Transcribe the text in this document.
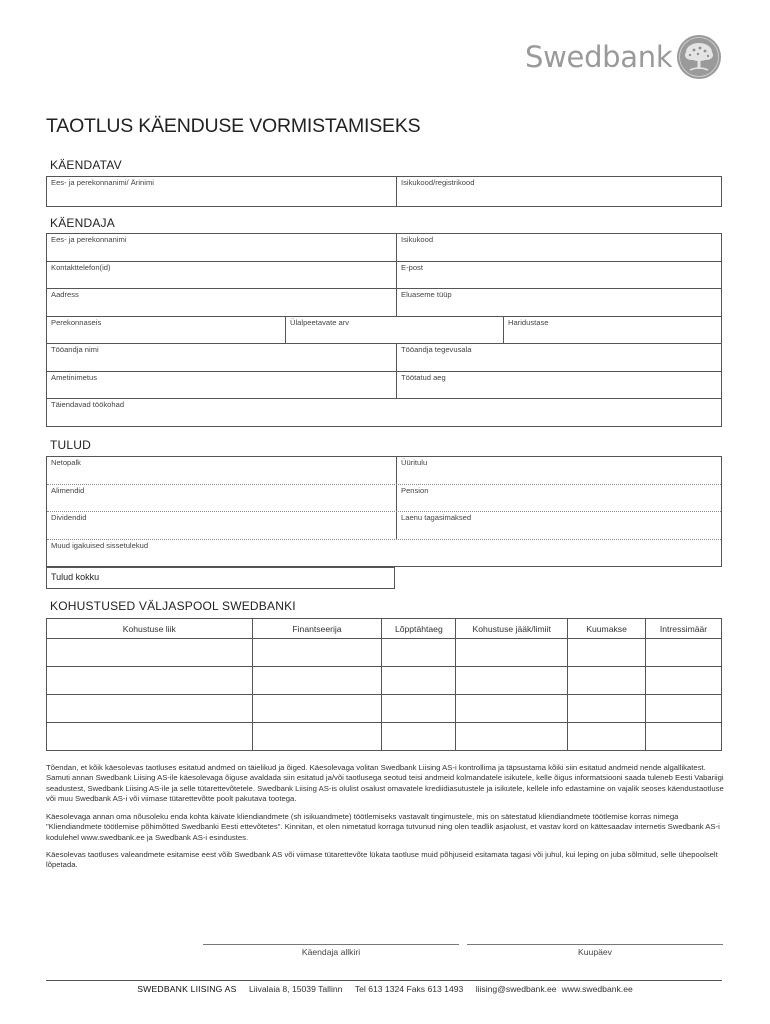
Swedbank
TAOTLUS KÄENDUSE VORMISTAMISEKS
KÄENDATAV
Ees- ja perekonnanimi/ Ärinimi	Isikukood/registrikood
KÄENDAJA
Ees- ja perekonnanimi	Isikukood
Kontakttelefon(id)	E-post
Aadress	Eluaseme tüüp
Perekonnaseis	Ülalpeetavate arv	Haridustase
Tööandja nimi	Tööandja tegevusala
Ametinimetus	Töötatud aeg
Täiendavad töökohad
TULUD
Netopalk	Üüritulu
Alimendid	Pension
Dividendid	Laenu tagasimaksed
Muud igakuised sissetulekud
Tulud kokku
KOHUSTUSED VÄLJASPOOL SWEDBANKI
Kohustuse liik	Finantseerija	Lõpptähtaeg	Kohustuse jääk/limiit	Kuumakse	Intressimäär

Tõendan, et kõik käesolevas taotluses esitatud andmed on täielikud ja õiged. Käesolevaga volitan Swedbank Liising AS-i kontrollima ja täpsustama kõiki siin esitatud andmeid nende algallikatest. Samuti annan Swedbank Liising AS-ile käesolevaga õiguse avaldada siin esitatud ja/või taotlusega seotud teisi andmeid kolmandatele isikutele, kelle õigus informatsiooni saada tuleneb Eesti Vabariigi seadustest, Swedbank Liising AS-ile ja selle tütarettevõtetele. Swedbank Liising AS-is olulist osalust omavatele krediidiasutustele ja isikutele, kellele info edastamine on vajalik seoses käendustaotluse või muu Swedbank AS-i või viimase tütarettevõtte poolt pakutava tootega.

Käesolevaga annan oma nõusoleku enda kohta käivate kliendiandmete (sh isikuandmete) töötlemiseks vastavalt tingimustele, mis on sätestatud kliendiandmete töötlemise korras nimega "Kliendiandmete töötlemise põhimõtted Swedbanki Eesti ettevõtetes". Kinnitan, et olen nimetatud korraga tutvunud ning olen teadlik asjaolust, et vastav kord on kättesaadav internetis Swedbank AS-i kodulehel www.swedbank.ee ja Swedbank AS-i esindustes.

Käesolevas taotluses valeandmete esitamise eest võib Swedbank AS või viimase tütarettevõte lükata taotluse muid põhjuseid esitamata tagasi või juhul, kui leping on juba sõlmitud, selle ühepoolselt lõpetada.

Käendaja allkiri	Kuupäev
SWEDBANK LIISING AS Liivalaia 8, 15039 Tallinn Tel 613 1324 Faks 613 1493 liising@swedbank.ee www.swedbank.ee
